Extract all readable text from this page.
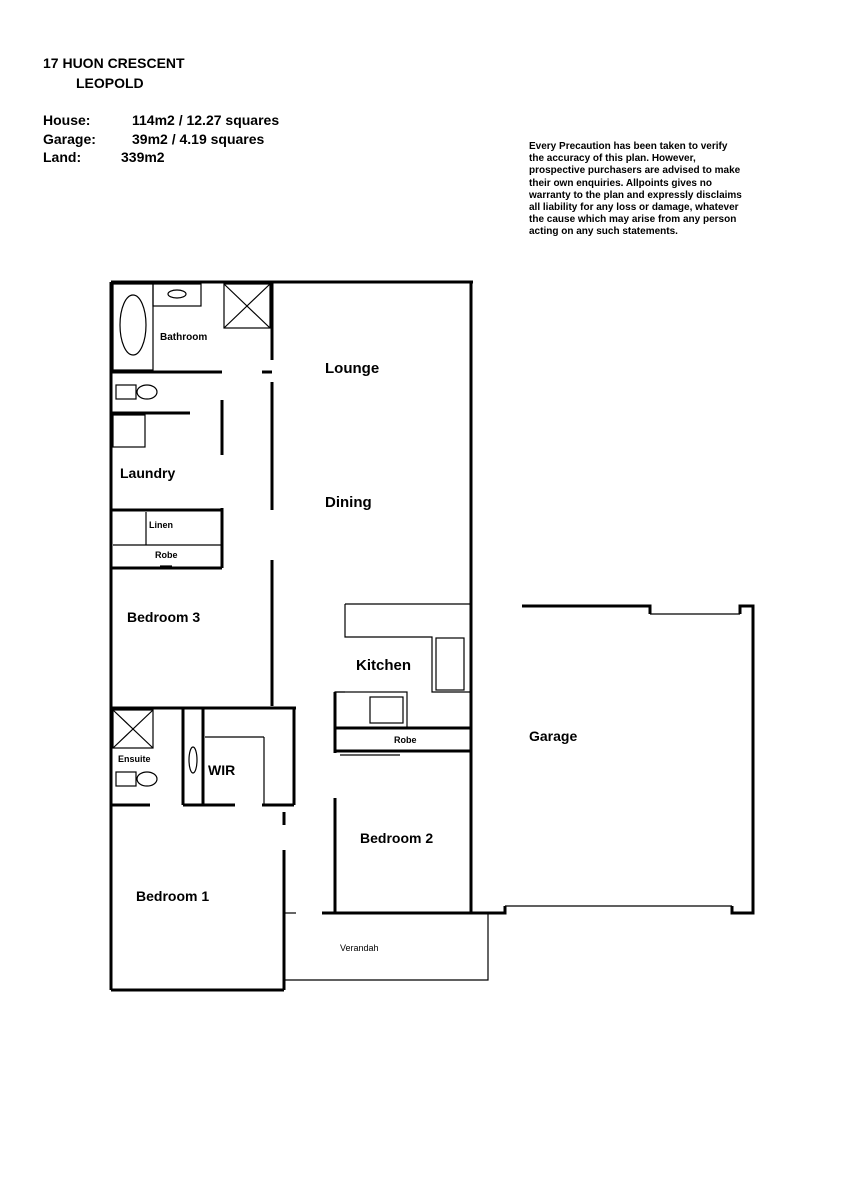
17 HUON CRESCENT
LEOPOLD
House:	114m2 / 12.27 squares
Garage:	39m2 / 4.19 squares
Land:	339m2
Every Precaution has been taken to verify
the accuracy of this plan. However,
prospective purchasers are advised to make
their own enquiries. Allpoints gives no
warranty to the plan and expressly disclaims
all liability for any loss or damage, whatever
the cause which may arise from any person
acting on any such statements.
Bathroom
Lounge
Laundry
Dining
Linen
Robe
Bedroom 3
Kitchen
Robe	Garage
Ensuite
WIR
Bedroom 2
Bedroom 1
Verandah
